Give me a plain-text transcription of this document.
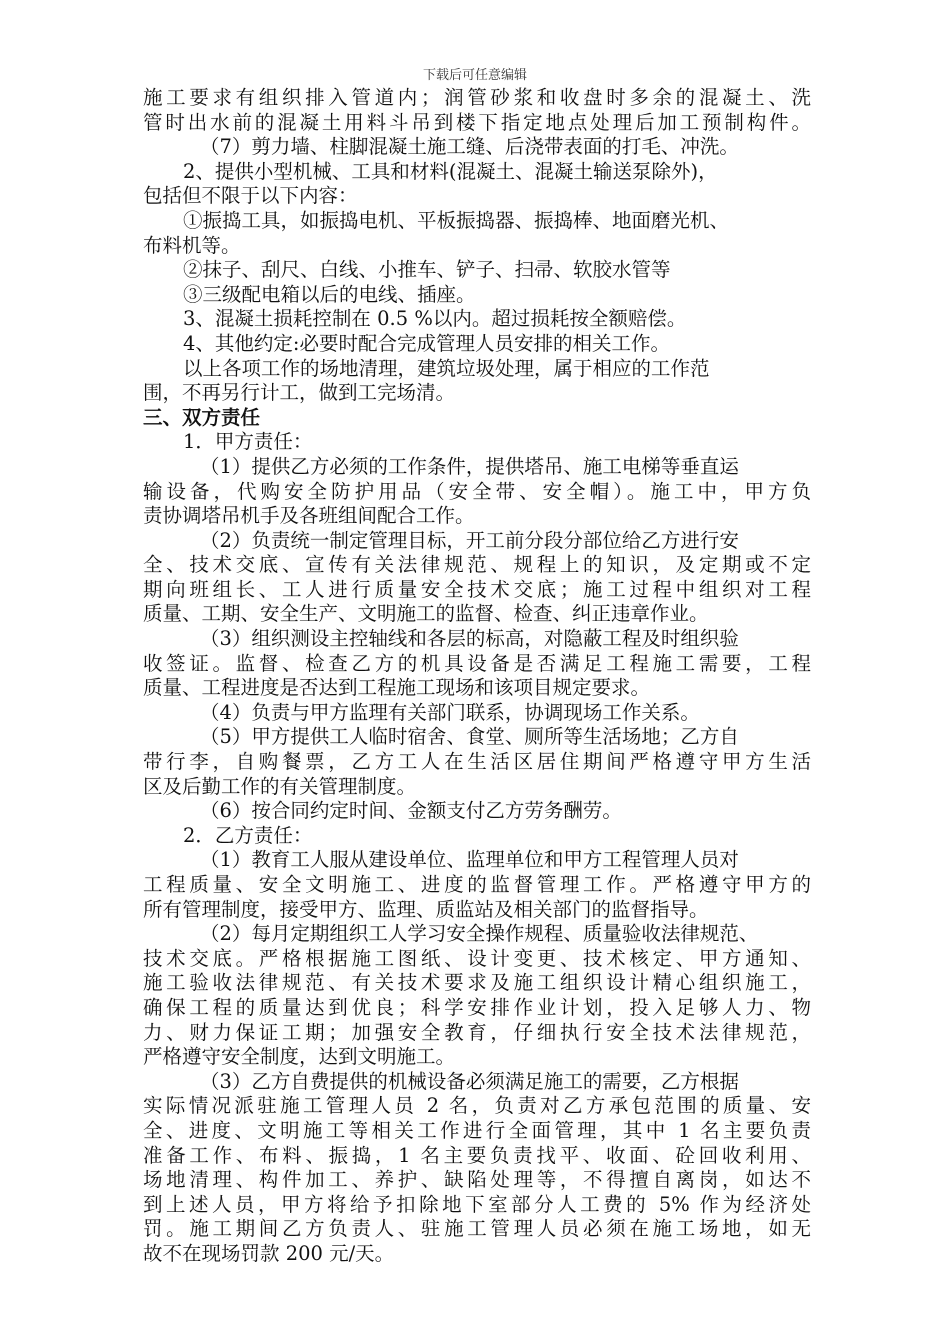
下载后可任意编辑
施工要求有组织排入管道内；润管砂浆和收盘时多余的混凝土、洗
管时出水前的混凝土用料斗吊到楼下指定地点处理后加工预制构件。
（7）剪力墙、柱脚混凝土施工缝、后浇带表面的打毛、冲洗。
2、提供小型机械、工具和材料(混凝土、混凝土输送泵除外)，
包括但不限于以下内容：
①振捣工具，如振捣电机、平板振捣器、振捣棒、地面磨光机、
布料机等。
②抹子、刮尺、白线、小推车、铲子、扫帚、软胶水管等
③三级配电箱以后的电线、插座。
3、混凝土损耗控制在 0.5 %以内。超过损耗按全额赔偿。
4、其他约定:必要时配合完成管理人员安排的相关工作。
以上各项工作的场地清理，建筑垃圾处理，属于相应的工作范
围，不再另行计工，做到工完场清。
三、双方责任
1．甲方责任：
（1）提供乙方必须的工作条件，提供塔吊、施工电梯等垂直运
输设备，代购安全防护用品（安全带、安全帽）。施工中，甲方负
责协调塔吊机手及各班组间配合工作。
（2）负责统一制定管理目标，开工前分段分部位给乙方进行安
全、技术交底、宣传有关法律规范、规程上的知识，及定期或不定
期向班组长、工人进行质量安全技术交底；施工过程中组织对工程
质量、工期、安全生产、文明施工的监督、检查、纠正违章作业。
（3）组织测设主控轴线和各层的标高，对隐蔽工程及时组织验
收签证。监督、检查乙方的机具设备是否满足工程施工需要，工程
质量、工程进度是否达到工程施工现场和该项目规定要求。
（4）负责与甲方监理有关部门联系，协调现场工作关系。
（5）甲方提供工人临时宿舍、食堂、厕所等生活场地；乙方自
带行李，自购餐票，乙方工人在生活区居住期间严格遵守甲方生活
区及后勤工作的有关管理制度。
（6）按合同约定时间、金额支付乙方劳务酬劳。
2．乙方责任：
（1）教育工人服从建设单位、监理单位和甲方工程管理人员对
工程质量、安全文明施工、进度的监督管理工作。严格遵守甲方的
所有管理制度，接受甲方、监理、质监站及相关部门的监督指导。
（2）每月定期组织工人学习安全操作规程、质量验收法律规范、
技术交底。严格根据施工图纸、设计变更、技术核定、甲方通知、
施工验收法律规范、有关技术要求及施工组织设计精心组织施工，
确保工程的质量达到优良；科学安排作业计划，投入足够人力、物
力、财力保证工期；加强安全教育，仔细执行安全技术法律规范，
严格遵守安全制度，达到文明施工。
（3）乙方自费提供的机械设备必须满足施工的需要，乙方根据
实际情况派驻施工管理人员 2 名，负责对乙方承包范围的质量、安
全、进度、文明施工等相关工作进行全面管理，其中 1 名主要负责
准备工作、布料、振捣，1 名主要负责找平、收面、砼回收利用、
场地清理、构件加工、养护、缺陷处理等，不得擅自离岗，如达不
到上述人员，甲方将给予扣除地下室部分人工费的 5% 作为经济处
罚。施工期间乙方负责人、驻施工管理人员必须在施工场地，如无
故不在现场罚款 200 元/天。
